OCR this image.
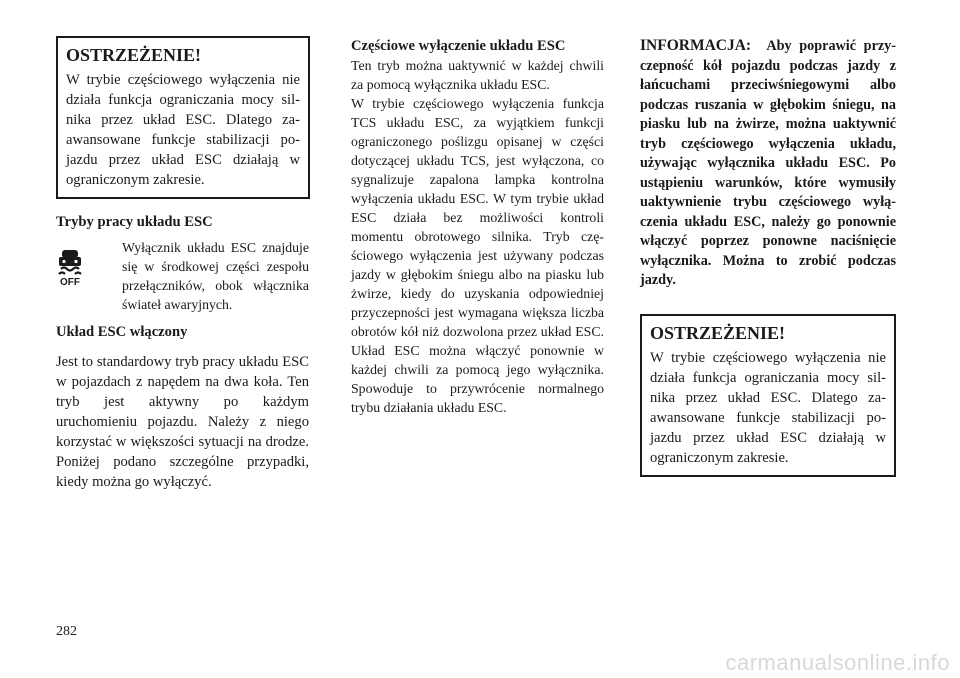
OSTRZEŻENIE!

W trybie częściowego wyłączenia nie działa funkcja ograniczania mocy silnika przez układ ESC. Dlatego zaawansowane funkcje stabilizacji pojazdu przez układ ESC działają w ograniczonym zakresie.

Tryby pracy układu ESC

OFF

Wyłącznik układu ESC znajduje się w środkowej części zespołu przełączników, obok włącznika świateł awaryjnych.

Układ ESC włączony

Jest to standardowy tryb pracy układu ESC w pojazdach z napędem na dwa koła. Ten tryb jest aktywny po każdym uruchomieniu pojazdu. Należy z niego korzystać w większości sytuacji na drodze. Poniżej podano szczególne przypadki, kiedy można go wyłączyć.

Częściowe wyłączenie układu ESC

Ten tryb można uaktywnić w każdej chwili za pomocą wyłącznika układu ESC.

W trybie częściowego wyłączenia funkcja TCS układu ESC, za wyjątkiem funkcji ograniczonego poślizgu opisanej w części dotyczącej układu TCS, jest wyłączona, co sygnalizuje zapalona lampka kontrolna wyłączenia układu ESC. W tym trybie układ ESC działa bez możliwości kontroli momentu obrotowego silnika. Tryb częściowego wyłączenia jest używany podczas jazdy w głębokim śniegu albo na piasku lub żwirze, kiedy do uzyskania odpowiedniej przyczepności jest wymagana większa liczba obrotów kół niż dozwolona przez układ ESC. Układ ESC można włączyć ponownie w każdej chwili za pomocą jego wyłącznika. Spowoduje to przywrócenie normalnego trybu działania układu ESC.

INFORMACJA: Aby poprawić przyczepność kół pojazdu podczas jazdy z łańcuchami przeciwśniegowymi albo podczas ruszania w głębokim śniegu, na piasku lub na żwirze, można uaktywnić tryb częściowego wyłączenia układu, używając wyłącznika układu ESC. Po ustąpieniu warunków, które wymusiły uaktywnienie trybu częściowego wyłączenia układu ESC, należy go ponownie włączyć poprzez ponowne naciśnięcie wyłącznika. Można to zrobić podczas jazdy.

OSTRZEŻENIE!

W trybie częściowego wyłączenia nie działa funkcja ograniczania mocy silnika przez układ ESC. Dlatego zaawansowane funkcje stabilizacji pojazdu przez układ ESC działają w ograniczonym zakresie.

282
carmanualsonline.info
